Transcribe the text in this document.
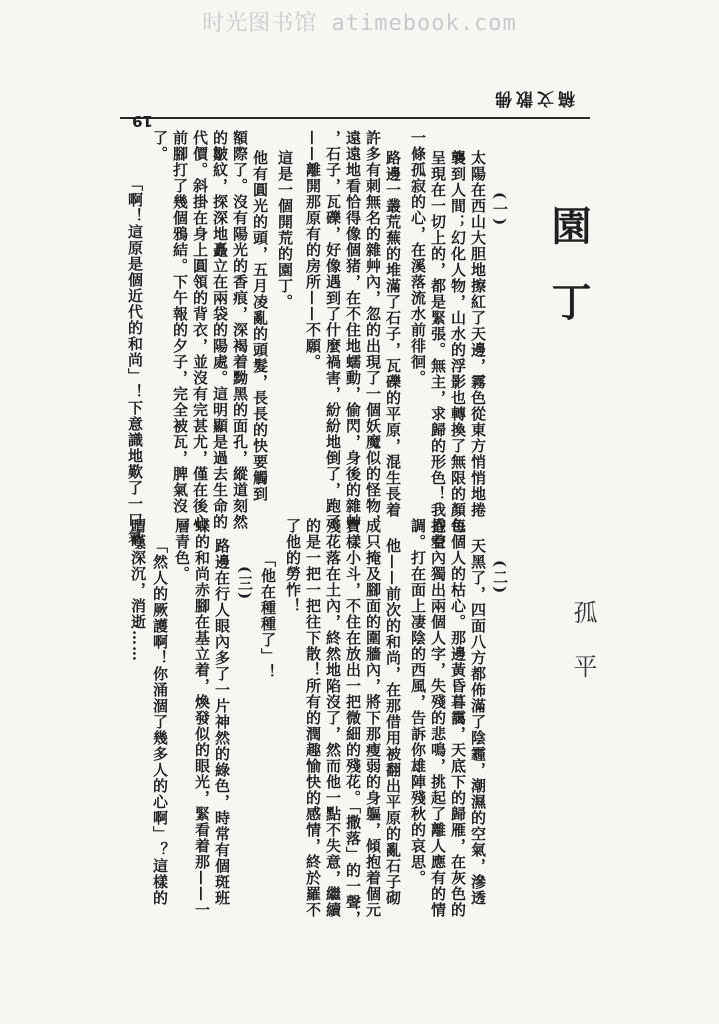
时光图书馆 atimebook.com
稿文散佛
19
園丁
(一)
太陽在西山大胆地擦紅了天邊，霧色從東方悄悄地捲
襲到人間；幻化人物，山水的浮影也轉換了無限的顏色。
呈現在一切上的，都是緊張。無主，求歸的形色！我抱着
一條孤寂的心，在溪落流水前徘徊。
路邊一叢荒蕪的堆滿了石子，瓦礫的平原，混生長着
許多有刺無名的雜艸內，忽的出現了一個妖魔似的怪物，
遠遠地看恰得像個猪，在不住地蠕動，偷閃，身後的雜艸
，石子，瓦礫，好像遇到了什麼禍害，紛紛地倒了，跑了
——離開那原有的房所——不願。
這是一個開荒的園丁。
他有圓光的頭，五月凌亂的頭髮，長長的快要觸到
額際了。沒有陽光的香痕，深褐着黝黑的面孔，縱道刻然
的皺紋，探深地矗立在兩袋的陽處。這明顯是過去生命的
代價。斜掛在身上圓領的背衣，並沒有完甚尤，僅在後心
前腳打了幾個鴉結。下午報的夕子，完全被瓦，脾氣沒
了。
「啊！這原是個近代的和尚」！下意識地歎了一口氣。
孤平
(二)
天黑了，四面八方都佈滿了陰霾，潮濕的空氣，滲透
每個人的枯心。那邊黃昏暮靄，天底下的歸雁，在灰色的
昏空內獨出兩個人字，失殘的悲鳴，挑起了離人應有的情
調。打在面上凄陰的西風，告訴你雄陣殘秋的哀思。
他——前次的和尚，在那借用被翻出平原的亂石子砌
成只掩及腳面的圍牆內，將下那瘦弱的身軀，傾抱着個元
寶樣小斗，不住在放出一把微細的殘花。「撒落」的一聲，
殘花落在土內，終然地陷沒了，然而他一點不失意，繼續
的是一把一把往下散！所有的潤趣愉快的感情，終於羅不
了他的勞怍！
「他在種種了」！
(三)
路邊在行人眼內多了一片神然的綠色，時常有個斑班
蝶的和尚赤腳在基立着，煥發似的眼光，緊看着那——一
層青色。
「然人的厥護啊！你涌涸了幾多人的心啊」？這樣的
喟嘆深沉，消逝……
